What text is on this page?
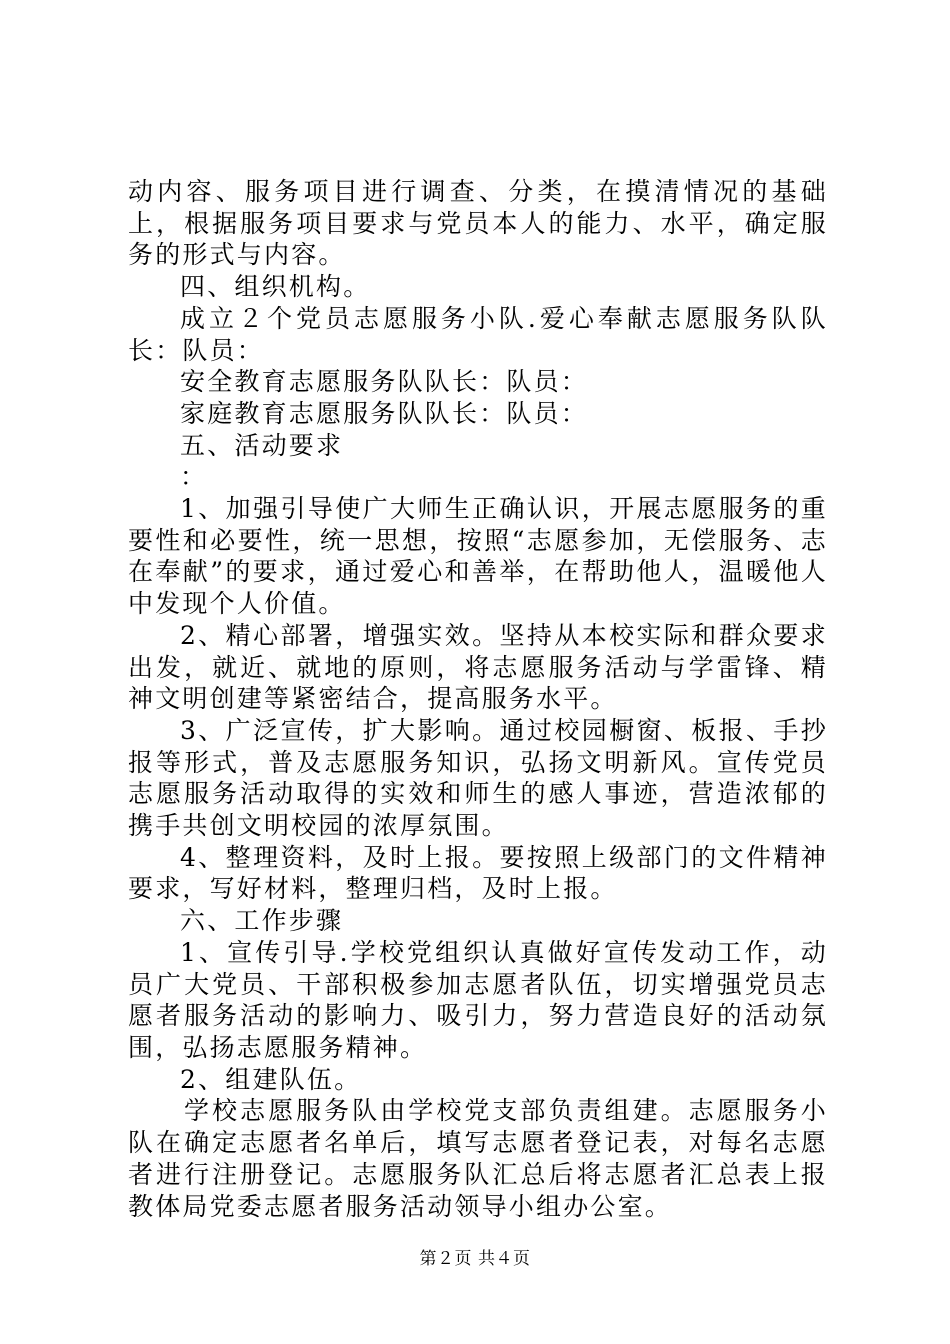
动内容、服务项目进行调查、分类，在摸清情况的基础上，根据服务项目要求与党员本人的能力、水平，确定服务的形式与内容。

四、组织机构。

成立２个党员志愿服务小队.爱心奉献志愿服务队队长：队员：

安全教育志愿服务队队长：队员：

家庭教育志愿服务队队长：队员：

五、活动要求

：

1、加强引导使广大师生正确认识，开展志愿服务的重要性和必要性，统一思想，按照“志愿参加，无偿服务、志在奉献”的要求，通过爱心和善举，在帮助他人，温暖他人中发现个人价值。

2、精心部署，增强实效。坚持从本校实际和群众要求出发，就近、就地的原则，将志愿服务活动与学雷锋、精神文明创建等紧密结合，提高服务水平。

3、广泛宣传，扩大影响。通过校园橱窗、板报、手抄报等形式，普及志愿服务知识，弘扬文明新风。宣传党员志愿服务活动取得的实效和师生的感人事迹，营造浓郁的携手共创文明校园的浓厚氛围。

4、整理资料，及时上报。要按照上级部门的文件精神要求，写好材料，整理归档，及时上报。

六、工作步骤

1、宣传引导.学校党组织认真做好宣传发动工作，动员广大党员、干部积极参加志愿者队伍，切实增强党员志愿者服务活动的影响力、吸引力，努力营造良好的活动氛围，弘扬志愿服务精神。

2、组建队伍。

学校志愿服务队由学校党支部负责组建。志愿服务小队在确定志愿者名单后，填写志愿者登记表，对每名志愿者进行注册登记。志愿服务队汇总后将志愿者汇总表上报教体局党委志愿者服务活动领导小组办公室。

第２页 共４页
